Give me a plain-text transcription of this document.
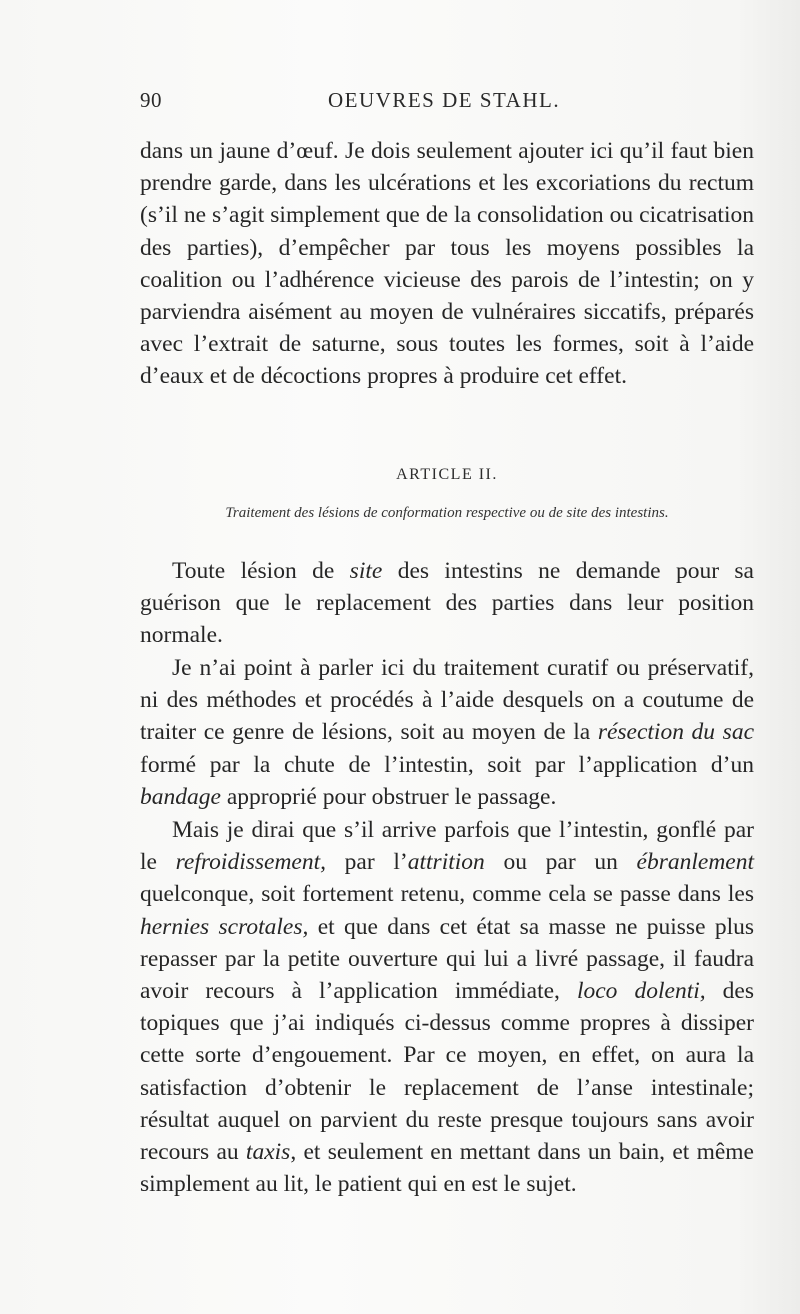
90	OEUVRES DE STAHL.

dans un jaune d’œuf. Je dois seulement ajouter ici qu’il faut bien prendre garde, dans les ulcérations et les excoriations du rectum (s’il ne s’agit simplement que de la consolidation ou cicatrisation des parties), d’empêcher par tous les moyens possibles la coalition ou l’adhérence vicieuse des parois de l’intestin; on y parviendra aisément au moyen de vulnéraires siccatifs, préparés avec l’extrait de saturne, sous toutes les formes, soit à l’aide d’eaux et de décoctions propres à produire cet effet.

ARTICLE II.
Traitement des lésions de conformation respective ou de site des intestins.

Toute lésion de site des intestins ne demande pour sa guérison que le replacement des parties dans leur position normale.

Je n’ai point à parler ici du traitement curatif ou préservatif, ni des méthodes et procédés à l’aide desquels on a coutume de traiter ce genre de lésions, soit au moyen de la résection du sac formé par la chute de l’intestin, soit par l’application d’un bandage approprié pour obstruer le passage.

Mais je dirai que s’il arrive parfois que l’intestin, gonflé par le refroidissement, par l’attrition ou par un ébranlement quelconque, soit fortement retenu, comme cela se passe dans les hernies scrotales, et que dans cet état sa masse ne puisse plus repasser par la petite ouverture qui lui a livré passage, il faudra avoir recours à l’application immédiate, loco dolenti, des topiques que j’ai indiqués ci-dessus comme propres à dissiper cette sorte d’engouement. Par ce moyen, en effet, on aura la satisfaction d’obtenir le replacement de l’anse intestinale; résultat auquel on parvient du reste presque toujours sans avoir recours au taxis, et seulement en mettant dans un bain, et même simplement au lit, le patient qui en est le sujet.
